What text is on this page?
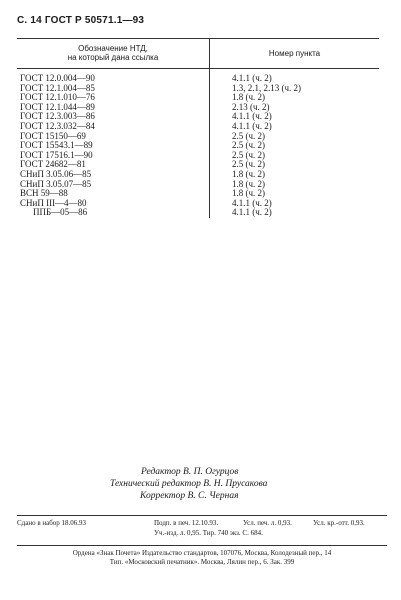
С. 14 ГОСТ Р 50571.1—93
Обозначение НТД,
на который дана ссылка	Номер пункта
ГОСТ 12.0.004—90	4.1.1 (ч. 2)
ГОСТ 12.1.004—85	1.3, 2.1, 2.13 (ч. 2)
ГОСТ 12.1.010—76	1.8 (ч. 2)
ГОСТ 12.1.044—89	2.13 (ч. 2)
ГОСТ 12.3.003—86	4.1.1 (ч. 2)
ГОСТ 12.3.032—84	4.1.1 (ч. 2)
ГОСТ 15150—69	2.5 (ч. 2)
ГОСТ 15543.1—89	2.5 (ч. 2)
ГОСТ 17516.1—90	2.5 (ч. 2)
ГОСТ 24682—81	2.5 (ч. 2)
СНиП 3.05.06—85	1.8 (ч. 2)
СНиП 3.05.07—85	1.8 (ч. 2)
ВСН 59—88	1.8 (ч. 2)
СНиП III—4—80	4.1.1 (ч. 2)
ППБ—05—86	4.1.1 (ч. 2)
Редактор В. П. Огурцов
Технический редактор В. Н. Прусакова
Корректор В. С. Черная
Сдано в набор 18.06.93	Подп. в печ. 12.10.93.	Усл. печ. л. 0,93.	Усл. кр.-отт. 0,93.
Уч.-изд. л. 0,95. Тир. 740 экз. С. 684.
Ордена «Знак Почета» Издательство стандартов, 107076, Москва, Колодезный пер., 14
Тип. «Московский печатник». Москва, Лялин пер., 6. Зак. 399
